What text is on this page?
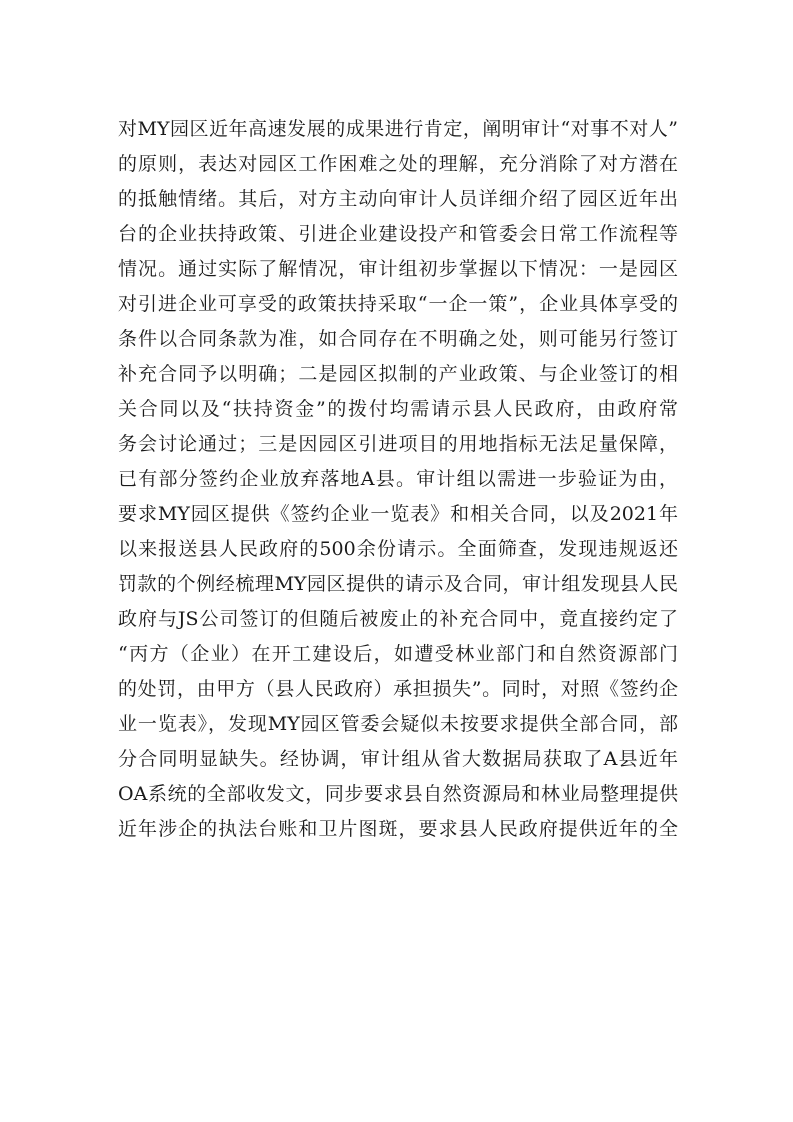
对MY园区近年高速发展的成果进行肯定，阐明审计“对事不对人”
的原则，表达对园区工作困难之处的理解，充分消除了对方潜在
的抵触情绪。其后，对方主动向审计人员详细介绍了园区近年出
台的企业扶持政策、引进企业建设投产和管委会日常工作流程等
情况。通过实际了解情况，审计组初步掌握以下情况：一是园区
对引进企业可享受的政策扶持采取“一企一策”，企业具体享受的
条件以合同条款为准，如合同存在不明确之处，则可能另行签订
补充合同予以明确；二是园区拟制的产业政策、与企业签订的相
关合同以及“扶持资金”的拨付均需请示县人民政府，由政府常
务会讨论通过；三是因园区引进项目的用地指标无法足量保障，
已有部分签约企业放弃落地A县。审计组以需进一步验证为由，
要求MY园区提供《签约企业一览表》和相关合同，以及2021年
以来报送县人民政府的500余份请示。全面筛查，发现违规返还
罚款的个例经梳理MY园区提供的请示及合同，审计组发现县人民
政府与JS公司签订的但随后被废止的补充合同中，竟直接约定了
“丙方（企业）在开工建设后，如遭受林业部门和自然资源部门
的处罚，由甲方（县人民政府）承担损失”。同时，对照《签约企
业一览表》，发现MY园区管委会疑似未按要求提供全部合同，部
分合同明显缺失。经协调，审计组从省大数据局获取了A县近年
OA系统的全部收发文，同步要求县自然资源局和林业局整理提供
近年涉企的执法台账和卫片图斑，要求县人民政府提供近年的全
